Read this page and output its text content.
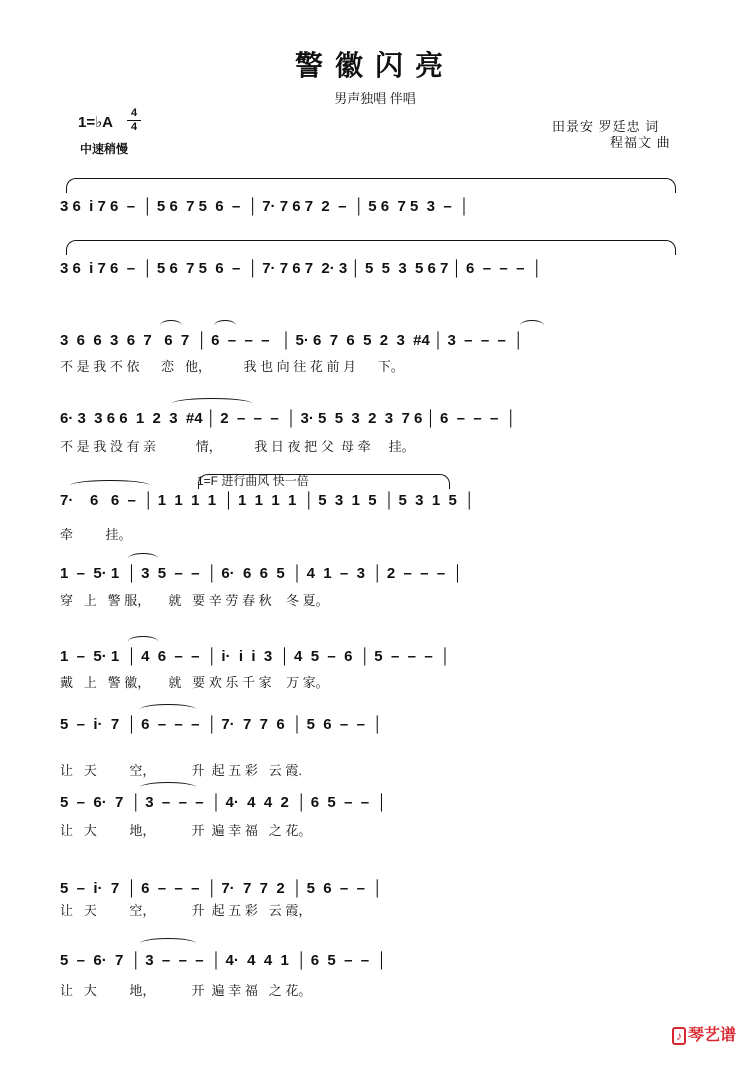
警徽闪亮
男声独唱 伴唱
1=♭A
4
4
中速稍慢
田景安 罗廷忠 词
程福文 曲
1=F 进行曲风 快一倍
3 6  i 7 6  –  │ 5 6  7 5  6  –  │ 7· 7 6 7  2  –  │ 5 6  7 5  3  –  │
3 6  i 7 6  –  │ 5 6  7 5  6  –  │ 7· 7 6 7  2· 3 │ 5  5  3  5 6 7 │ 6  –  –  –  │
3  6  6  3  6  7   6  7  │ 6  –  –  –   │ 5· 6  7  6  5  2  3  #4 │ 3  –  –  –  │
不 是 我 不 依      恋   他，         我 也 向 往 花 前 月      下。
6· 3  3 6 6  1  2  3  #4 │ 2  –  –  –  │ 3· 5  5  3  2  3  7 6 │ 6  –  –  –  │
不 是 我 没 有 亲           情，         我 日 夜 把 父  母 牵     挂。
7·    6   6  –  │ 1  1  1  1  │ 1  1  1  1  │ 5  3  1  5  │ 5  3  1  5  │
牵         挂。
1  –  5· 1  │ 3  5  –  –  │ 6·  6  6  5  │ 4  1  –  3  │ 2  –  –  –  │
穿   上   警 服，     就   要 辛 劳 春 秋    冬 夏。
1  –  5· 1  │ 4  6  –  –  │ i·  i  i  3  │ 4  5  –  6  │ 5  –  –  –  │
戴   上   警 徽，     就   要 欢 乐 千 家    万 家。
5  –  i·  7  │ 6  –  –  –  │ 7·  7  7  6  │ 5  6  –  –  │
让   天         空，          升  起 五 彩   云 霞.
5  –  6·  7  │ 3  –  –  –  │ 4·  4  4  2  │ 6  5  –  –  │
让   大         地，          开  遍 幸 福   之 花。
5  –  i·  7  │ 6  –  –  –  │ 7·  7  7  2  │ 5  6  –  –  │
让   天         空，          升  起 五 彩   云 霞，
5  –  6·  7  │ 3  –  –  –  │ 4·  4  4  1  │ 6  5  –  –  │
让   大         地，          开  遍 幸 福   之 花。
♪ 琴艺谱
